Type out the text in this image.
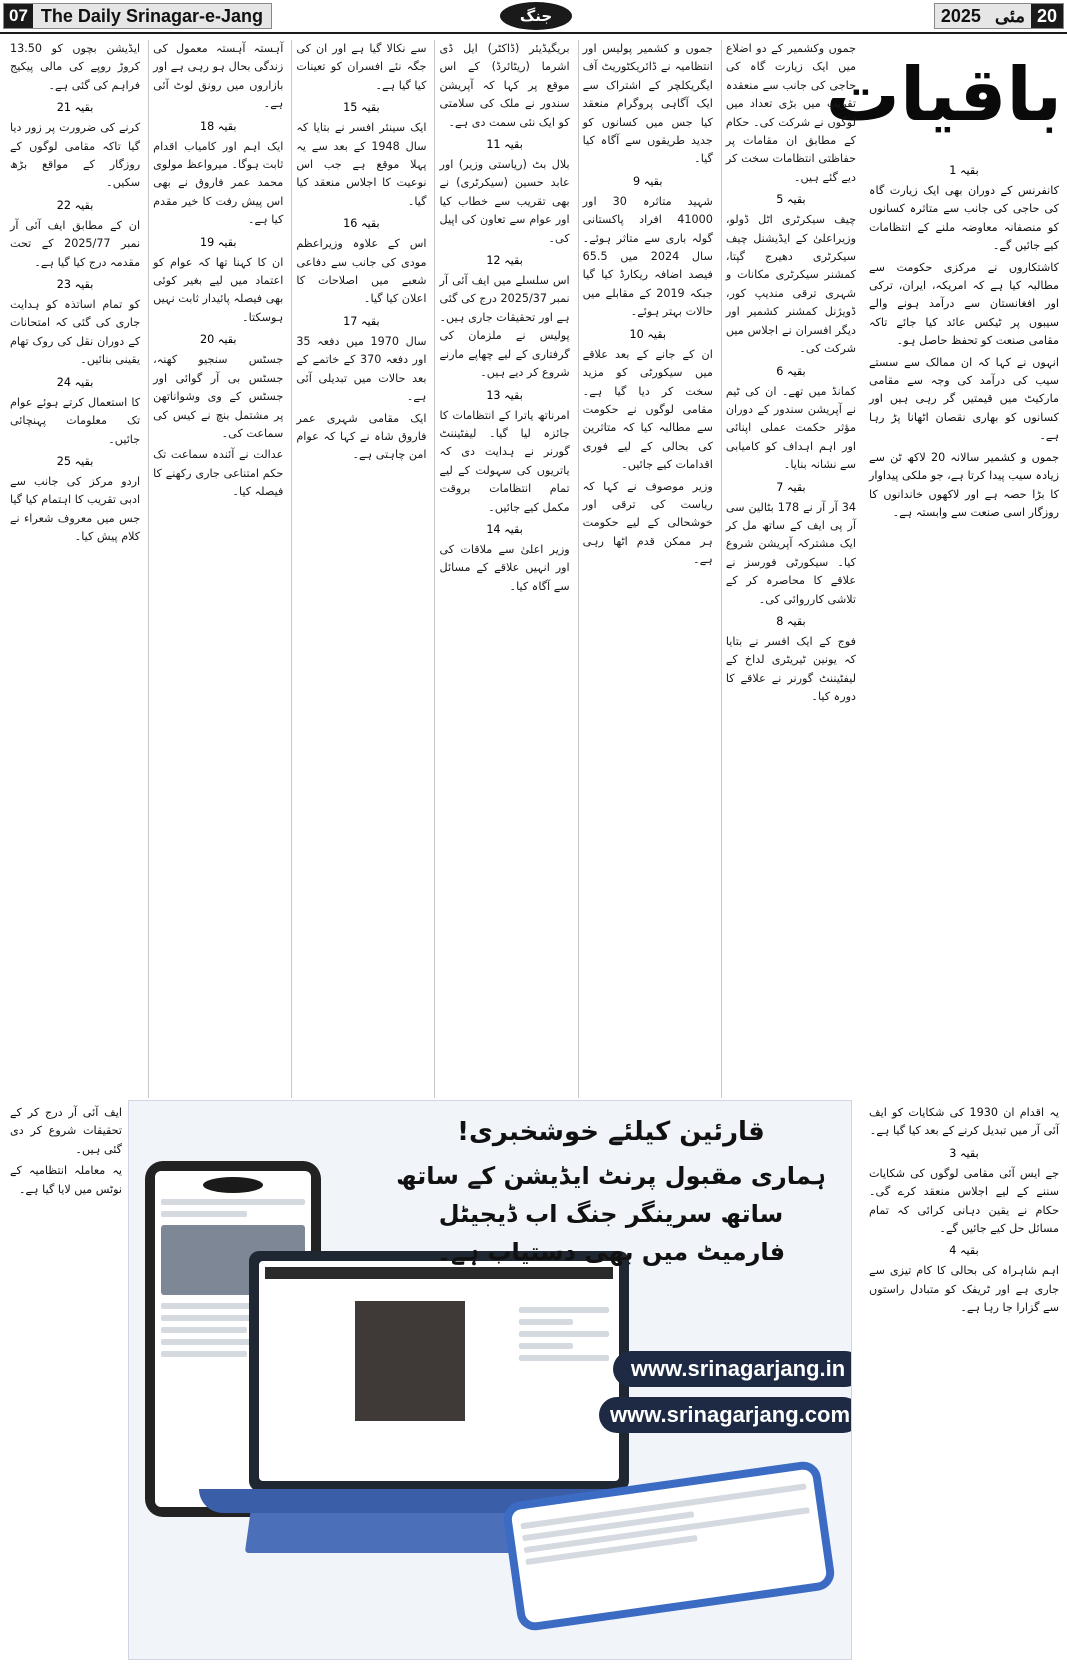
07 The Daily Srinagar-e-Jang	جنگ	20
مئی
2025
باقیات
بقیہ 1

کانفرنس کے دوران بھی ایک زیارت گاہ کی حاجی کی جانب سے متاثرہ کسانوں کو منصفانہ معاوضہ ملنے کے انتظامات کیے جائیں گے۔

کاشتکاروں نے مرکزی حکومت سے مطالبہ کیا ہے کہ امریکہ، ایران، ترکی اور افغانستان سے درآمد ہونے والے سیبوں پر ٹیکس عائد کیا جائے تاکہ مقامی صنعت کو تحفظ حاصل ہو۔

انہوں نے کہا کہ ان ممالک سے سستے سیب کی درآمد کی وجہ سے مقامی مارکیٹ میں قیمتیں گر رہی ہیں اور کسانوں کو بھاری نقصان اٹھانا پڑ رہا ہے۔

جموں و کشمیر سالانہ 20 لاکھ ٹن سے زیادہ سیب پیدا کرتا ہے، جو ملکی پیداوار کا بڑا حصہ ہے اور لاکھوں خاندانوں کا روزگار اسی صنعت سے وابستہ ہے۔

جموں وکشمیر کے دو اضلاع میں ایک زیارت گاہ کی حاجی کی جانب سے منعقدہ تقریب میں بڑی تعداد میں لوگوں نے شرکت کی۔ حکام کے مطابق ان مقامات پر حفاظتی انتظامات سخت کر دیے گئے ہیں۔

بقیہ 5

چیف سیکرٹری اٹل ڈولو، وزیراعلیٰ کے ایڈیشنل چیف سیکرٹری دھیرج گپتا، کمشنر سیکرٹری مکانات و شہری ترقی مندیپ کور، ڈویژنل کمشنر کشمیر اور دیگر افسران نے اجلاس میں شرکت کی۔

بقیہ 6

کمانڈ میں تھے۔ ان کی ٹیم نے آپریشن سندور کے دوران مؤثر حکمت عملی اپنائی اور اہم اہداف کو کامیابی سے نشانہ بنایا۔

بقیہ 7

34 آر آر نے 178 بٹالین سی آر پی ایف کے ساتھ مل کر ایک مشترکہ آپریشن شروع کیا۔ سیکورٹی فورسز نے علاقے کا محاصرہ کر کے تلاشی کارروائی کی۔

بقیہ 8

فوج کے ایک افسر نے بتایا کہ یونین ٹیریٹری لداخ کے لیفٹیننٹ گورنر نے علاقے کا دورہ کیا۔

جموں و کشمیر پولیس اور انتظامیہ نے ڈائریکٹوریٹ آف ایگریکلچر کے اشتراک سے ایک آگاہی پروگرام منعقد کیا جس میں کسانوں کو جدید طریقوں سے آگاہ کیا گیا۔

بقیہ 9

شہید متاثرہ 30 اور 41000 افراد پاکستانی گولہ باری سے متاثر ہوئے۔ سال 2024 میں 65.5 فیصد اضافہ ریکارڈ کیا گیا جبکہ 2019 کے مقابلے میں حالات بہتر ہوئے۔

بقیہ 10

ان کے جانے کے بعد علاقے میں سیکورٹی کو مزید سخت کر دیا گیا ہے۔ مقامی لوگوں نے حکومت سے مطالبہ کیا کہ متاثرین کی بحالی کے لیے فوری اقدامات کیے جائیں۔

وزیر موصوف نے کہا کہ ریاست کی ترقی اور خوشحالی کے لیے حکومت ہر ممکن قدم اٹھا رہی ہے۔

بریگیڈیئر (ڈاکٹر) ایل ڈی اشرما (ریٹائرڈ) کے اس موقع پر کہا کہ آپریشن سندور نے ملک کی سلامتی کو ایک نئی سمت دی ہے۔

بقیہ 11

بلال بٹ (ریاستی وزیر) اور عابد حسین (سیکرٹری) نے بھی تقریب سے خطاب کیا اور عوام سے تعاون کی اپیل کی۔

بقیہ 12

اس سلسلے میں ایف آئی آر نمبر 2025/37 درج کی گئی ہے اور تحقیقات جاری ہیں۔ پولیس نے ملزمان کی گرفتاری کے لیے چھاپے مارنے شروع کر دیے ہیں۔

بقیہ 13

امرناتھ یاترا کے انتظامات کا جائزہ لیا گیا۔ لیفٹیننٹ گورنر نے ہدایت دی کہ یاتریوں کی سہولت کے لیے تمام انتظامات بروقت مکمل کیے جائیں۔

بقیہ 14

وزیر اعلیٰ سے ملاقات کی اور انہیں علاقے کے مسائل سے آگاہ کیا۔

سے نکالا گیا ہے اور ان کی جگہ نئے افسران کو تعینات کیا گیا ہے۔

بقیہ 15

ایک سینئر افسر نے بتایا کہ سال 1948 کے بعد سے یہ پہلا موقع ہے جب اس نوعیت کا اجلاس منعقد کیا گیا۔

بقیہ 16

اس کے علاوہ وزیراعظم مودی کی جانب سے دفاعی شعبے میں اصلاحات کا اعلان کیا گیا۔

بقیہ 17

سال 1970 میں دفعہ 35 اور دفعہ 370 کے خاتمے کے بعد حالات میں تبدیلی آئی ہے۔

ایک مقامی شہری عمر فاروق شاہ نے کہا کہ عوام امن چاہتی ہے۔

آہستہ آہستہ معمول کی زندگی بحال ہو رہی ہے اور بازاروں میں رونق لوٹ آئی ہے۔

بقیہ 18

ایک اہم اور کامیاب اقدام ثابت ہوگا۔ میرواعظ مولوی محمد عمر فاروق نے بھی اس پیش رفت کا خیر مقدم کیا ہے۔

بقیہ 19

ان کا کہنا تھا کہ عوام کو اعتماد میں لیے بغیر کوئی بھی فیصلہ پائیدار ثابت نہیں ہوسکتا۔

بقیہ 20

جسٹس سنجیو کھنہ، جسٹس بی آر گوائی اور جسٹس کے وی وشواناتھن پر مشتمل بنچ نے کیس کی سماعت کی۔

عدالت نے آئندہ سماعت تک حکم امتناعی جاری رکھنے کا فیصلہ کیا۔

ایڈیشن بچوں کو 13.50 کروڑ روپے کی مالی پیکیج فراہم کی گئی ہے۔

بقیہ 21

کرنے کی ضرورت پر زور دیا گیا تاکہ مقامی لوگوں کے روزگار کے مواقع بڑھ سکیں۔

بقیہ 22

ان کے مطابق ایف آئی آر نمبر 2025/77 کے تحت مقدمہ درج کیا گیا ہے۔

بقیہ 23

کو تمام اساتذہ کو ہدایت جاری کی گئی کہ امتحانات کے دوران نقل کی روک تھام یقینی بنائیں۔

بقیہ 24

کا استعمال کرتے ہوئے عوام تک معلومات پہنچائی جائیں۔

بقیہ 25

اردو مرکز کی جانب سے ادبی تقریب کا اہتمام کیا گیا جس میں معروف شعراء نے کلام پیش کیا۔

ایف آئی آر درج کر کے تحقیقات شروع کر دی گئی ہیں۔

یہ معاملہ انتظامیہ کے نوٹس میں لایا گیا ہے۔

یہ اقدام ان 1930 کی شکایات کو ایف آئی آر میں تبدیل کرنے کے بعد کیا گیا ہے۔

بقیہ 3

جے ایس آئی مقامی لوگوں کی شکایات سننے کے لیے اجلاس منعقد کرے گی۔ حکام نے یقین دہانی کرائی کہ تمام مسائل حل کیے جائیں گے۔

بقیہ 4

اہم شاہراہ کی بحالی کا کام تیزی سے جاری ہے اور ٹریفک کو متبادل راستوں سے گزارا جا رہا ہے۔

قارئین کیلئے خوشخبری!
ہماری مقبول پرنٹ ایڈیشن کے ساتھ ساتھ سرینگر جنگ اب ڈیجیٹل فارمیٹ میں بھی دستیاب ہے۔
www.srinagarjang.in
www.srinagarjang.com
